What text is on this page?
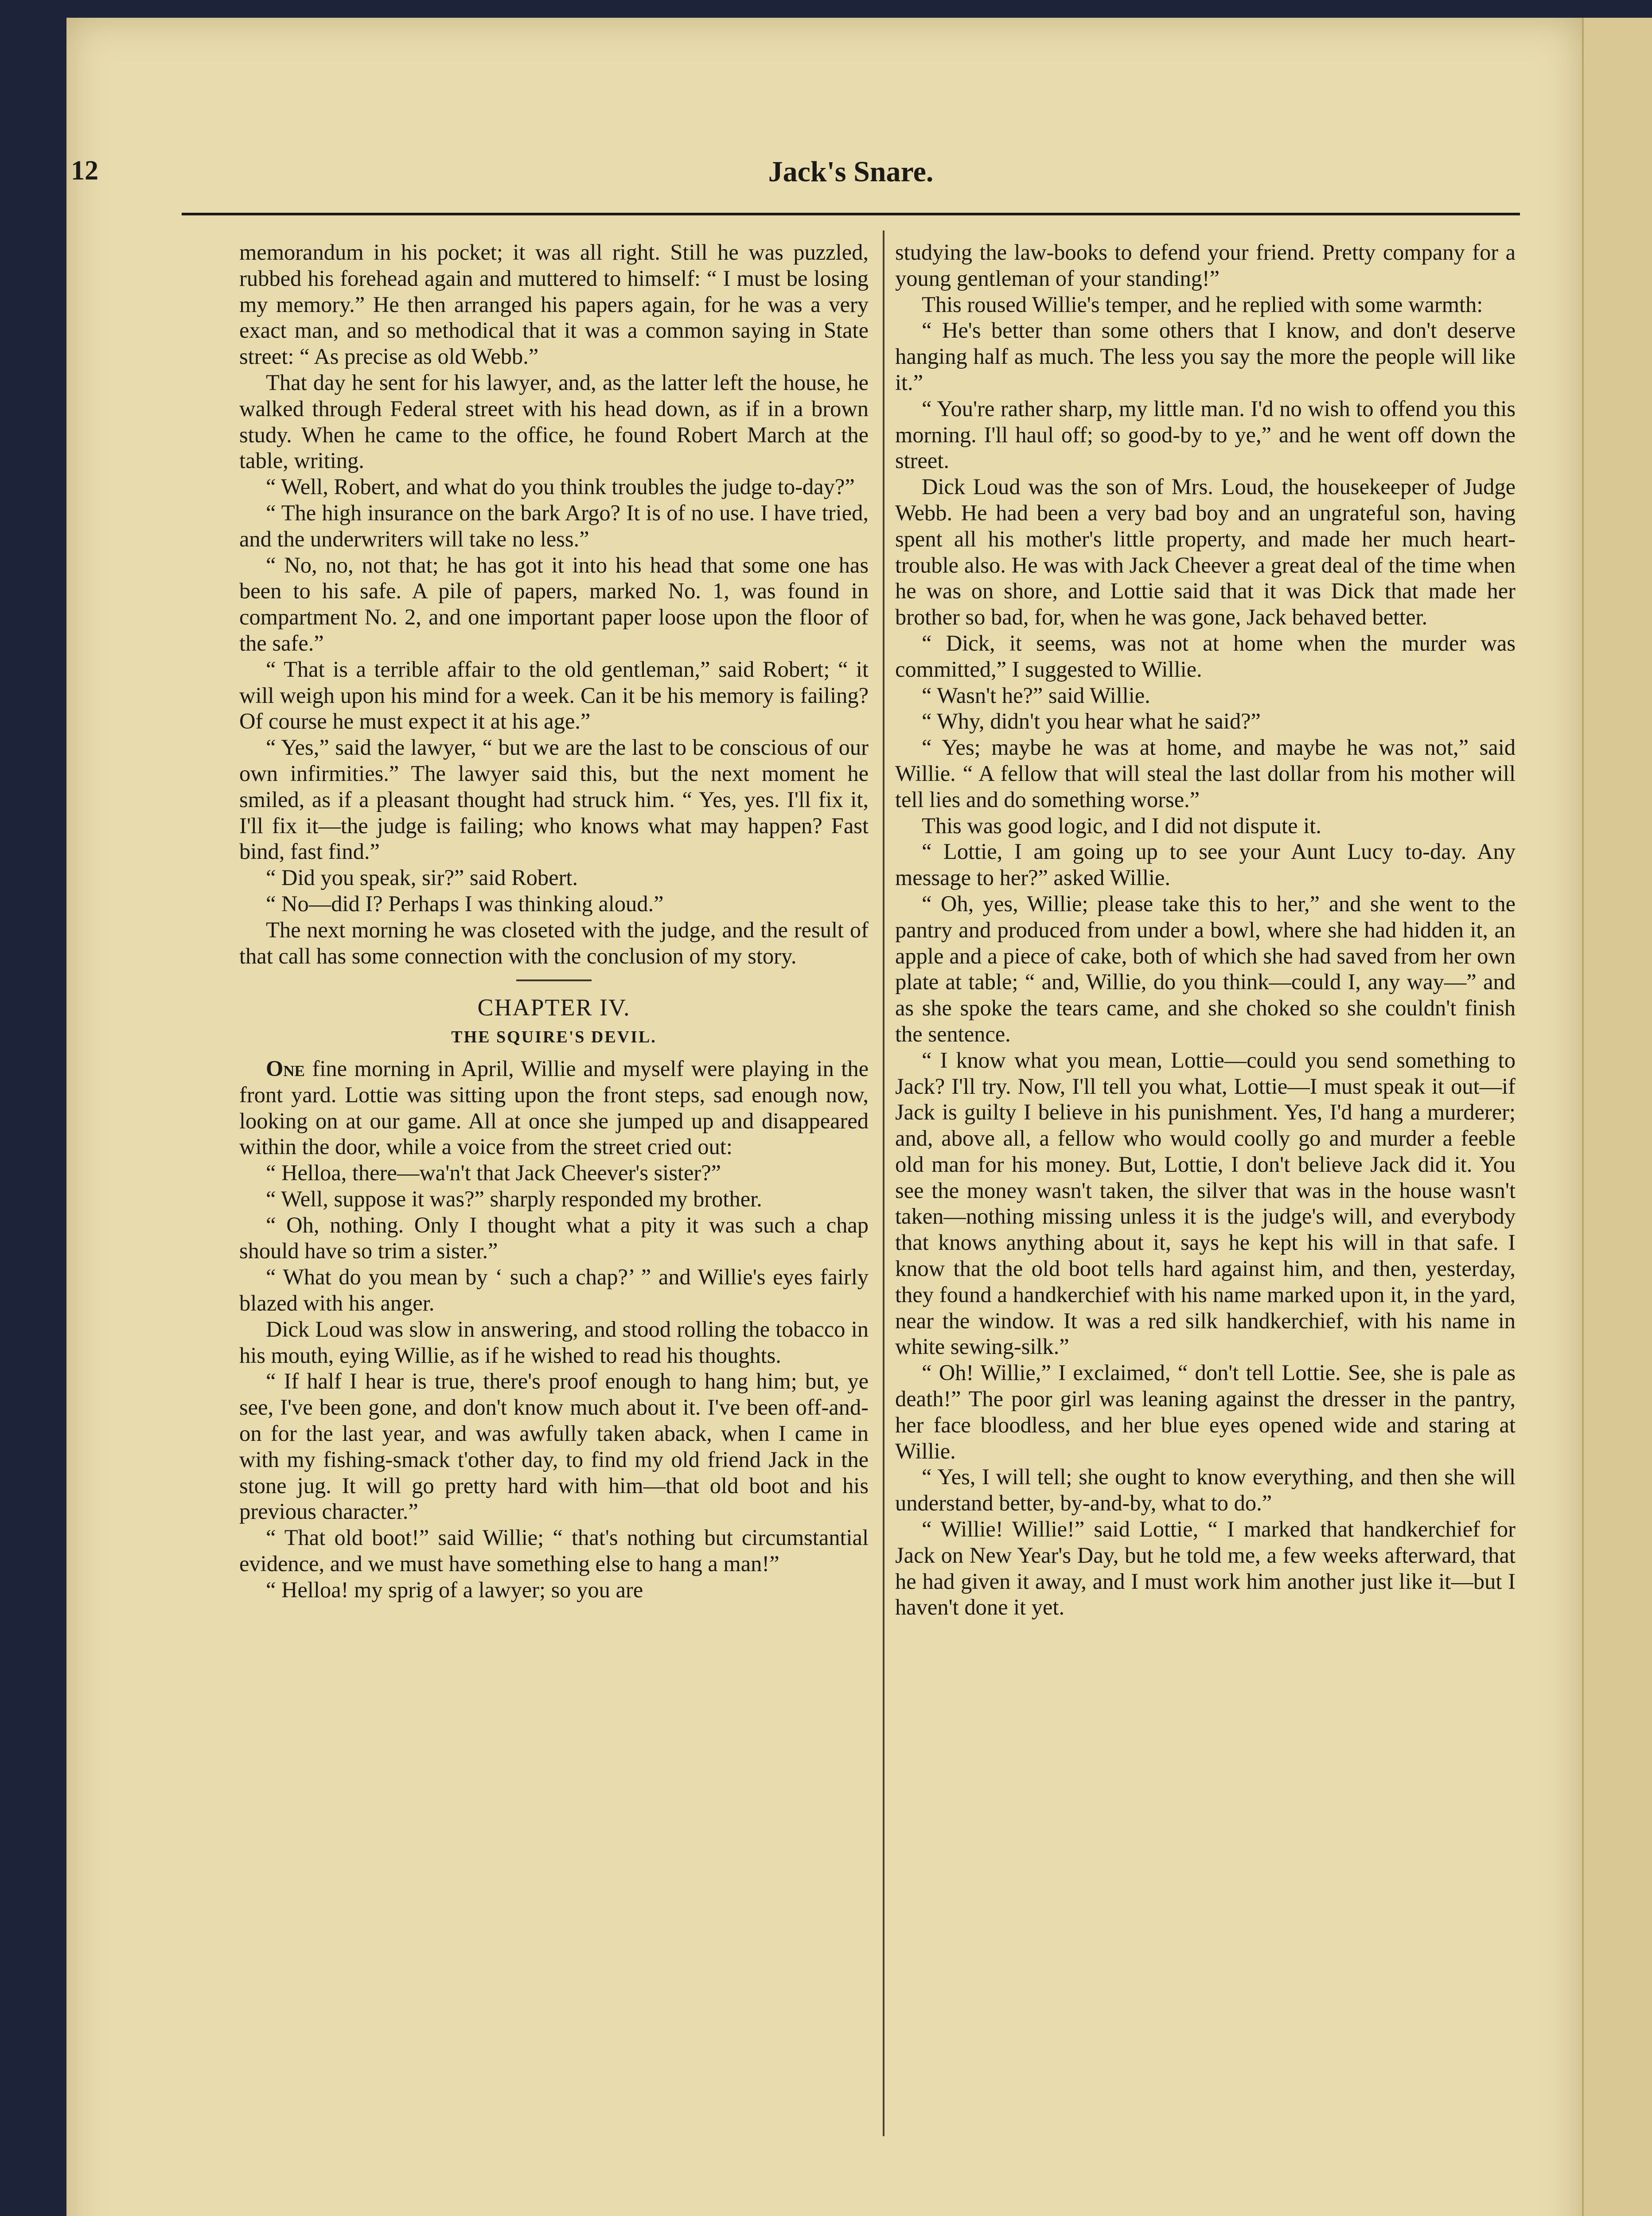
12	Jack's Snare.

memorandum in his pocket; it was all right. Still he was puzzled, rubbed his forehead again and muttered to himself: “ I must be losing my memory.” He then arranged his papers again, for he was a very exact man, and so methodical that it was a common saying in State street: “ As precise as old Webb.”

That day he sent for his lawyer, and, as the latter left the house, he walked through Federal street with his head down, as if in a brown study. When he came to the office, he found Robert March at the table, writing.

“ Well, Robert, and what do you think troubles the judge to-day?”

“ The high insurance on the bark Argo? It is of no use. I have tried, and the underwriters will take no less.”

“ No, no, not that; he has got it into his head that some one has been to his safe. A pile of papers, marked No. 1, was found in compartment No. 2, and one important paper loose upon the floor of the safe.”

“ That is a terrible affair to the old gentleman,” said Robert; “ it will weigh upon his mind for a week. Can it be his memory is failing? Of course he must expect it at his age.”

“ Yes,” said the lawyer, “ but we are the last to be conscious of our own infirmities.” The lawyer said this, but the next moment he smiled, as if a pleasant thought had struck him. “ Yes, yes. I'll fix it, I'll fix it—the judge is failing; who knows what may happen? Fast bind, fast find.”

“ Did you speak, sir?” said Robert.

“ No—did I? Perhaps I was thinking aloud.”

The next morning he was closeted with the judge, and the result of that call has some connection with the conclusion of my story.

CHAPTER IV.
THE SQUIRE'S DEVIL.

One fine morning in April, Willie and myself were playing in the front yard. Lottie was sitting upon the front steps, sad enough now, looking on at our game. All at once she jumped up and disappeared within the door, while a voice from the street cried out:

“ Helloa, there—wa'n't that Jack Cheever's sister?”

“ Well, suppose it was?” sharply responded my brother.

“ Oh, nothing. Only I thought what a pity it was such a chap should have so trim a sister.”

“ What do you mean by ‘ such a chap?’ ” and Willie's eyes fairly blazed with his anger.

Dick Loud was slow in answering, and stood rolling the tobacco in his mouth, eying Willie, as if he wished to read his thoughts.

“ If half I hear is true, there's proof enough to hang him; but, ye see, I've been gone, and don't know much about it. I've been off-and-on for the last year, and was awfully taken aback, when I came in with my fishing-smack t'other day, to find my old friend Jack in the stone jug. It will go pretty hard with him—that old boot and his previous character.”

“ That old boot!” said Willie; “ that's nothing but circumstantial evidence, and we must have something else to hang a man!”

“ Helloa! my sprig of a lawyer; so you are

studying the law-books to defend your friend. Pretty company for a young gentleman of your standing!”

This roused Willie's temper, and he replied with some warmth:

“ He's better than some others that I know, and don't deserve hanging half as much. The less you say the more the people will like it.”

“ You're rather sharp, my little man. I'd no wish to offend you this morning. I'll haul off; so good-by to ye,” and he went off down the street.

Dick Loud was the son of Mrs. Loud, the housekeeper of Judge Webb. He had been a very bad boy and an ungrateful son, having spent all his mother's little property, and made her much heart-trouble also. He was with Jack Cheever a great deal of the time when he was on shore, and Lottie said that it was Dick that made her brother so bad, for, when he was gone, Jack behaved better.

“ Dick, it seems, was not at home when the murder was committed,” I suggested to Willie.

“ Wasn't he?” said Willie.

“ Why, didn't you hear what he said?”

“ Yes; maybe he was at home, and maybe he was not,” said Willie. “ A fellow that will steal the last dollar from his mother will tell lies and do something worse.”

This was good logic, and I did not dispute it.

“ Lottie, I am going up to see your Aunt Lucy to-day. Any message to her?” asked Willie.

“ Oh, yes, Willie; please take this to her,” and she went to the pantry and produced from under a bowl, where she had hidden it, an apple and a piece of cake, both of which she had saved from her own plate at table; “ and, Willie, do you think—could I, any way—” and as she spoke the tears came, and she choked so she couldn't finish the sentence.

“ I know what you mean, Lottie—could you send something to Jack? I'll try. Now, I'll tell you what, Lottie—I must speak it out—if Jack is guilty I believe in his punishment. Yes, I'd hang a murderer; and, above all, a fellow who would coolly go and murder a feeble old man for his money. But, Lottie, I don't believe Jack did it. You see the money wasn't taken, the silver that was in the house wasn't taken—nothing missing unless it is the judge's will, and everybody that knows anything about it, says he kept his will in that safe. I know that the old boot tells hard against him, and then, yesterday, they found a handkerchief with his name marked upon it, in the yard, near the window. It was a red silk handkerchief, with his name in white sewing-silk.”

“ Oh! Willie,” I exclaimed, “ don't tell Lottie. See, she is pale as death!” The poor girl was leaning against the dresser in the pantry, her face bloodless, and her blue eyes opened wide and staring at Willie.

“ Yes, I will tell; she ought to know everything, and then she will understand better, by-and-by, what to do.”

“ Willie! Willie!” said Lottie, “ I marked that handkerchief for Jack on New Year's Day, but he told me, a few weeks afterward, that he had given it away, and I must work him another just like it—but I haven't done it yet.
